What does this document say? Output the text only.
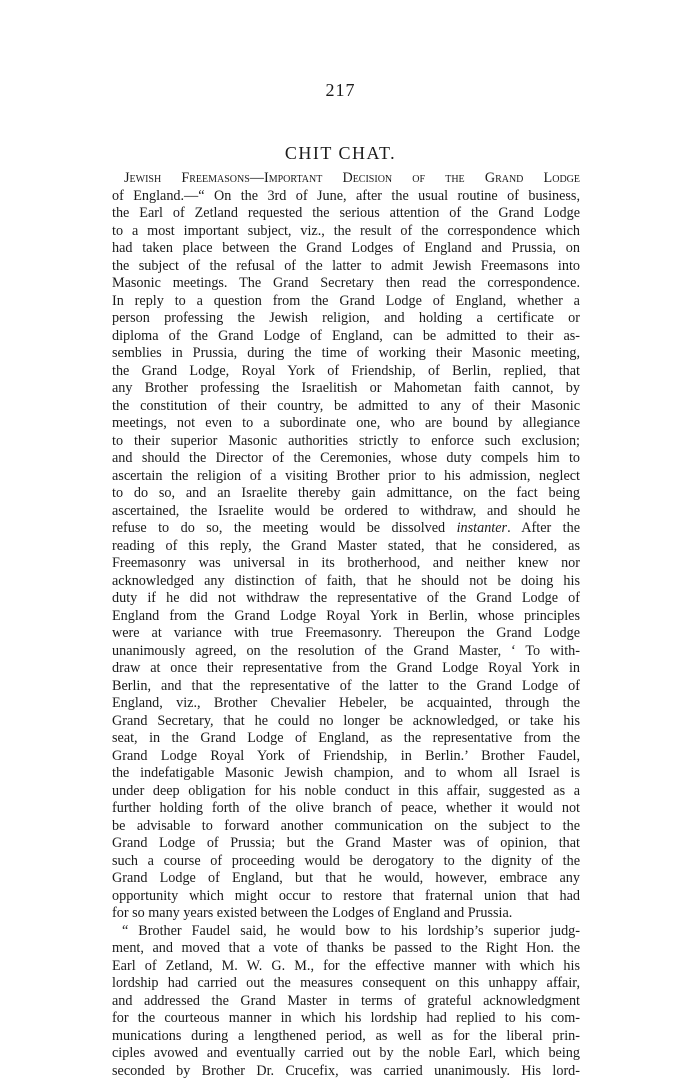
217
CHIT CHAT.
Jewish Freemasons—Important Decision of the Grand Lodge
of England.—“ On the 3rd of June, after the usual routine of business,
the Earl of Zetland requested the serious attention of the Grand Lodge
to a most important subject, viz., the result of the correspondence which
had taken place between the Grand Lodges of England and Prussia, on
the subject of the refusal of the latter to admit Jewish Freemasons into
Masonic meetings. The Grand Secretary then read the correspondence.
In reply to a question from the Grand Lodge of England, whether a
person professing the Jewish religion, and holding a certificate or
diploma of the Grand Lodge of England, can be admitted to their as-
semblies in Prussia, during the time of working their Masonic meeting,
the Grand Lodge, Royal York of Friendship, of Berlin, replied, that
any Brother professing the Israelitish or Mahometan faith cannot, by
the constitution of their country, be admitted to any of their Masonic
meetings, not even to a subordinate one, who are bound by allegiance
to their superior Masonic authorities strictly to enforce such exclusion;
and should the Director of the Ceremonies, whose duty compels him to
ascertain the religion of a visiting Brother prior to his admission, neglect
to do so, and an Israelite thereby gain admittance, on the fact being
ascertained, the Israelite would be ordered to withdraw, and should he
refuse to do so, the meeting would be dissolved instanter. After the
reading of this reply, the Grand Master stated, that he considered, as
Freemasonry was universal in its brotherhood, and neither knew nor
acknowledged any distinction of faith, that he should not be doing his
duty if he did not withdraw the representative of the Grand Lodge of
England from the Grand Lodge Royal York in Berlin, whose principles
were at variance with true Freemasonry. Thereupon the Grand Lodge
unanimously agreed, on the resolution of the Grand Master, ‘ To with-
draw at once their representative from the Grand Lodge Royal York in
Berlin, and that the representative of the latter to the Grand Lodge of
England, viz., Brother Chevalier Hebeler, be acquainted, through the
Grand Secretary, that he could no longer be acknowledged, or take his
seat, in the Grand Lodge of England, as the representative from the
Grand Lodge Royal York of Friendship, in Berlin.’ Brother Faudel,
the indefatigable Masonic Jewish champion, and to whom all Israel is
under deep obligation for his noble conduct in this affair, suggested as a
further holding forth of the olive branch of peace, whether it would not
be advisable to forward another communication on the subject to the
Grand Lodge of Prussia; but the Grand Master was of opinion, that
such a course of proceeding would be derogatory to the dignity of the
Grand Lodge of England, but that he would, however, embrace any
opportunity which might occur to restore that fraternal union that had
for so many years existed between the Lodges of England and Prussia.
“ Brother Faudel said, he would bow to his lordship’s superior judg-
ment, and moved that a vote of thanks be passed to the Right Hon. the
Earl of Zetland, M. W. G. M., for the effective manner with which his
lordship had carried out the measures consequent on this unhappy affair,
and addressed the Grand Master in terms of grateful acknowledgment
for the courteous manner in which his lordship had replied to his com-
munications during a lengthened period, as well as for the liberal prin-
ciples avowed and eventually carried out by the noble Earl, which being
seconded by Brother Dr. Crucefix, was carried unanimously. His lord-
